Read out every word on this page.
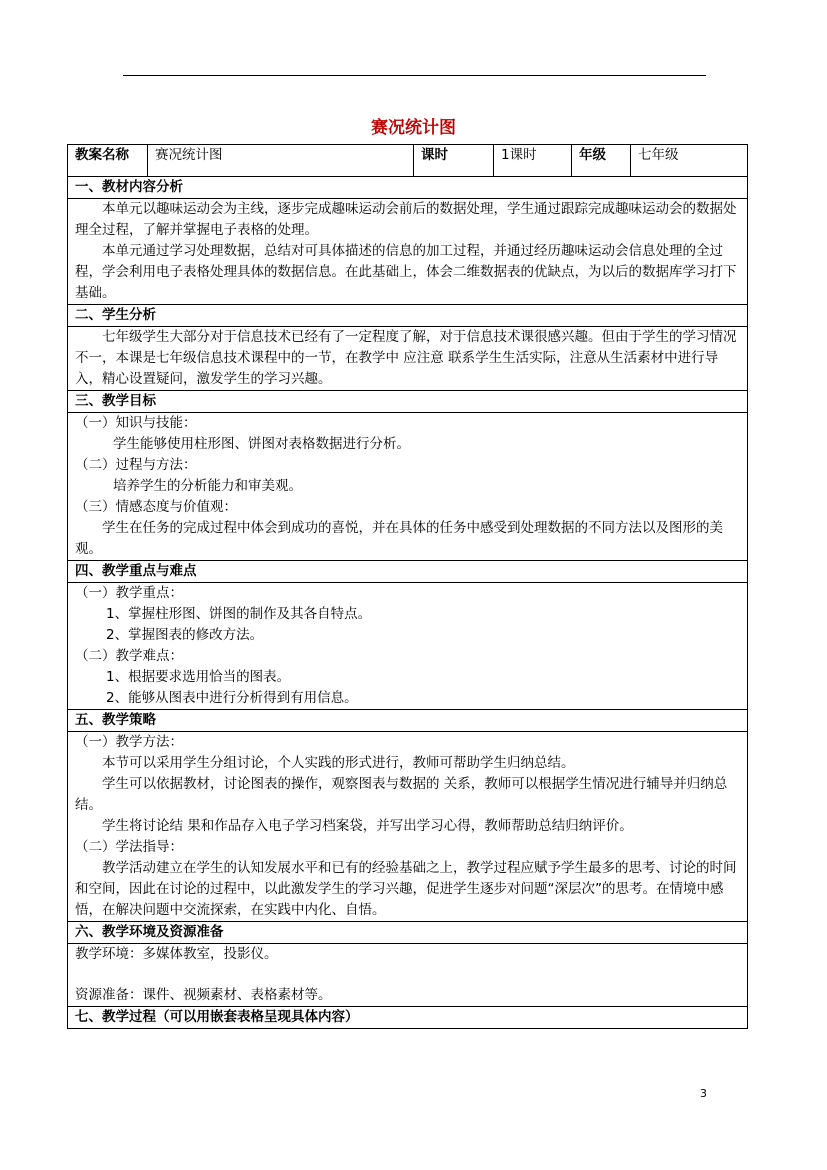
赛况统计图
教案名称	赛况统计图	课时	1课时	年级	七年级
一、教材内容分析

本单元以趣味运动会为主线，逐步完成趣味运动会前后的数据处理，学生通过跟踪完成趣味运动会的数据处理全过程，了解并掌握电子表格的处理。

本单元通过学习处理数据，总结对可具体描述的信息的加工过程，并通过经历趣味运动会信息处理的全过程，学会利用电子表格处理具体的数据信息。在此基础上，体会二维数据表的优缺点，为以后的数据库学习打下基础。

二、学生分析

七年级学生大部分对于信息技术已经有了一定程度了解，对于信息技术课很感兴趣。但由于学生的学习情况不一，本课是七年级信息技术课程中的一节，在教学中 应注意 联系学生生活实际，注意从生活素材中进行导入，精心设置疑问，激发学生的学习兴趣。

三、教学目标

（一）知识与技能：

学生能够使用柱形图、饼图对表格数据进行分析。

（二）过程与方法：

培养学生的分析能力和审美观。

（三）情感态度与价值观：

学生在任务的完成过程中体会到成功的喜悦，并在具体的任务中感受到处理数据的不同方法以及图形的美观。

四、教学重点与难点

（一）教学重点：

1、掌握柱形图、饼图的制作及其各自特点。

2、掌握图表的修改方法。

（二）教学难点：

1、根据要求选用恰当的图表。

2、能够从图表中进行分析得到有用信息。

五、教学策略

（一）教学方法：

本节可以采用学生分组讨论，个人实践的形式进行，教师可帮助学生归纳总结。

学生可以依据教材，讨论图表的操作，观察图表与数据的 关系，教师可以根据学生情况进行辅导并归纳总结。

学生将讨论结 果和作品存入电子学习档案袋，并写出学习心得，教师帮助总结归纳评价。

（二）学法指导：

教学活动建立在学生的认知发展水平和已有的经验基础之上，教学过程应赋予学生最多的思考、讨论的时间和空间，因此在讨论的过程中，以此激发学生的学习兴趣，促进学生逐步对问题“深层次”的思考。在情境中感悟，在解决问题中交流探索，在实践中内化、自悟。

六、教学环境及资源准备

教学环境：多媒体教室，投影仪。

资源准备：课件、视频素材、表格素材等。

七、教学过程（可以用嵌套表格呈现具体内容）
3
